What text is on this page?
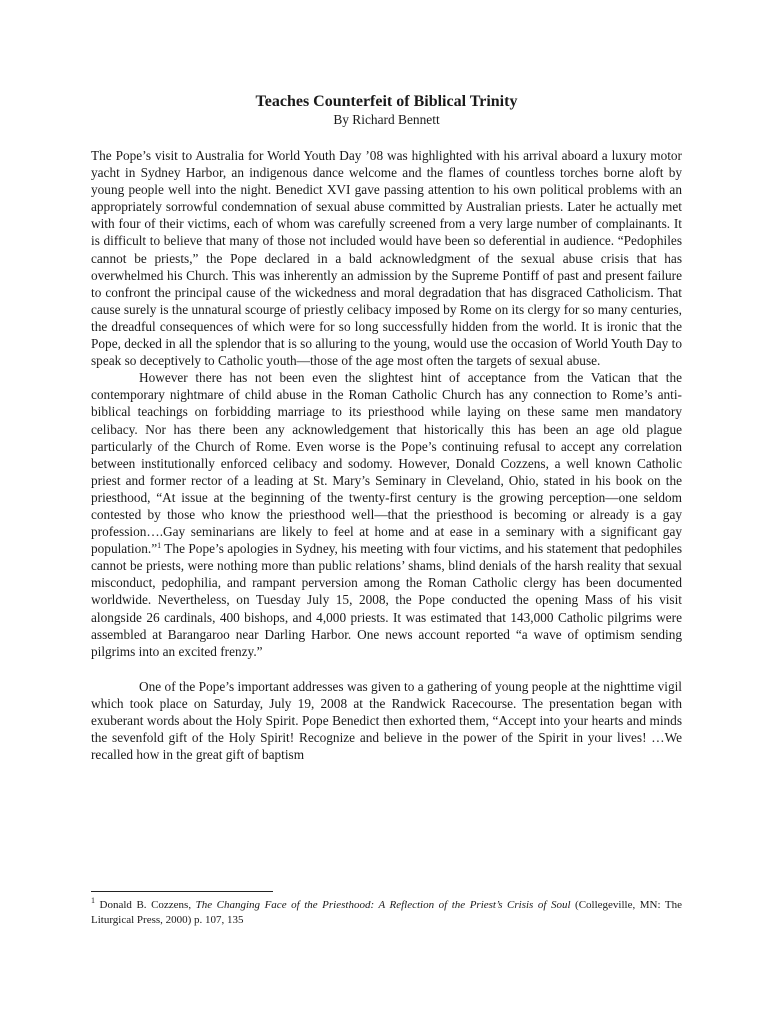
Teaches Counterfeit of Biblical Trinity

By Richard Bennett

The Pope’s visit to Australia for World Youth Day ’08 was highlighted with his arrival aboard a luxury motor yacht in Sydney Harbor, an indigenous dance welcome and the flames of countless torches borne aloft by young people well into the night. Benedict XVI gave passing attention to his own political problems with an appropriately sorrowful condemnation of sexual abuse committed by Australian priests. Later he actually met with four of their victims, each of whom was carefully screened from a very large number of complainants. It is difficult to believe that many of those not included would have been so deferential in audience. “Pedophiles cannot be priests,” the Pope declared in a bald acknowledgment of the sexual abuse crisis that has overwhelmed his Church. This was inherently an admission by the Supreme Pontiff of past and present failure to confront the principal cause of the wickedness and moral degradation that has disgraced Catholicism. That cause surely is the unnatural scourge of priestly celibacy imposed by Rome on its clergy for so many centuries, the dreadful consequences of which were for so long successfully hidden from the world. It is ironic that the Pope, decked in all the splendor that is so alluring to the young, would use the occasion of World Youth Day to speak so deceptively to Catholic youth—those of the age most often the targets of sexual abuse.

However there has not been even the slightest hint of acceptance from the Vatican that the contemporary nightmare of child abuse in the Roman Catholic Church has any connection to Rome’s anti-biblical teachings on forbidding marriage to its priesthood while laying on these same men mandatory celibacy. Nor has there been any acknowledgement that historically this has been an age old plague particularly of the Church of Rome. Even worse is the Pope’s continuing refusal to accept any correlation between institutionally enforced celibacy and sodomy. However, Donald Cozzens, a well known Catholic priest and former rector of a leading at St. Mary’s Seminary in Cleveland, Ohio, stated in his book on the priesthood, “At issue at the beginning of the twenty-first century is the growing perception—one seldom contested by those who know the priesthood well—that the priesthood is becoming or already is a gay profession….Gay seminarians are likely to feel at home and at ease in a seminary with a significant gay population.”$^1$ The Pope’s apologies in Sydney, his meeting with four victims, and his statement that pedophiles cannot be priests, were nothing more than public relations’ shams, blind denials of the harsh reality that sexual misconduct, pedophilia, and rampant perversion among the Roman Catholic clergy has been documented worldwide. Nevertheless, on Tuesday July 15, 2008, the Pope conducted the opening Mass of his visit alongside 26 cardinals, 400 bishops, and 4,000 priests. It was estimated that 143,000 Catholic pilgrims were assembled at Barangaroo near Darling Harbor. One news account reported “a wave of optimism sending pilgrims into an excited frenzy.”

One of the Pope’s important addresses was given to a gathering of young people at the nighttime vigil which took place on Saturday, July 19, 2008 at the Randwick Racecourse. The presentation began with exuberant words about the Holy Spirit. Pope Benedict then exhorted them, “Accept into your hearts and minds the sevenfold gift of the Holy Spirit! Recognize and believe in the power of the Spirit in your lives! …We recalled how in the great gift of baptism

$^1$ Donald B. Cozzens, The Changing Face of the Priesthood: A Reflection of the Priest’s Crisis of Soul (Collegeville, MN: The Liturgical Press, 2000) p. 107, 135
